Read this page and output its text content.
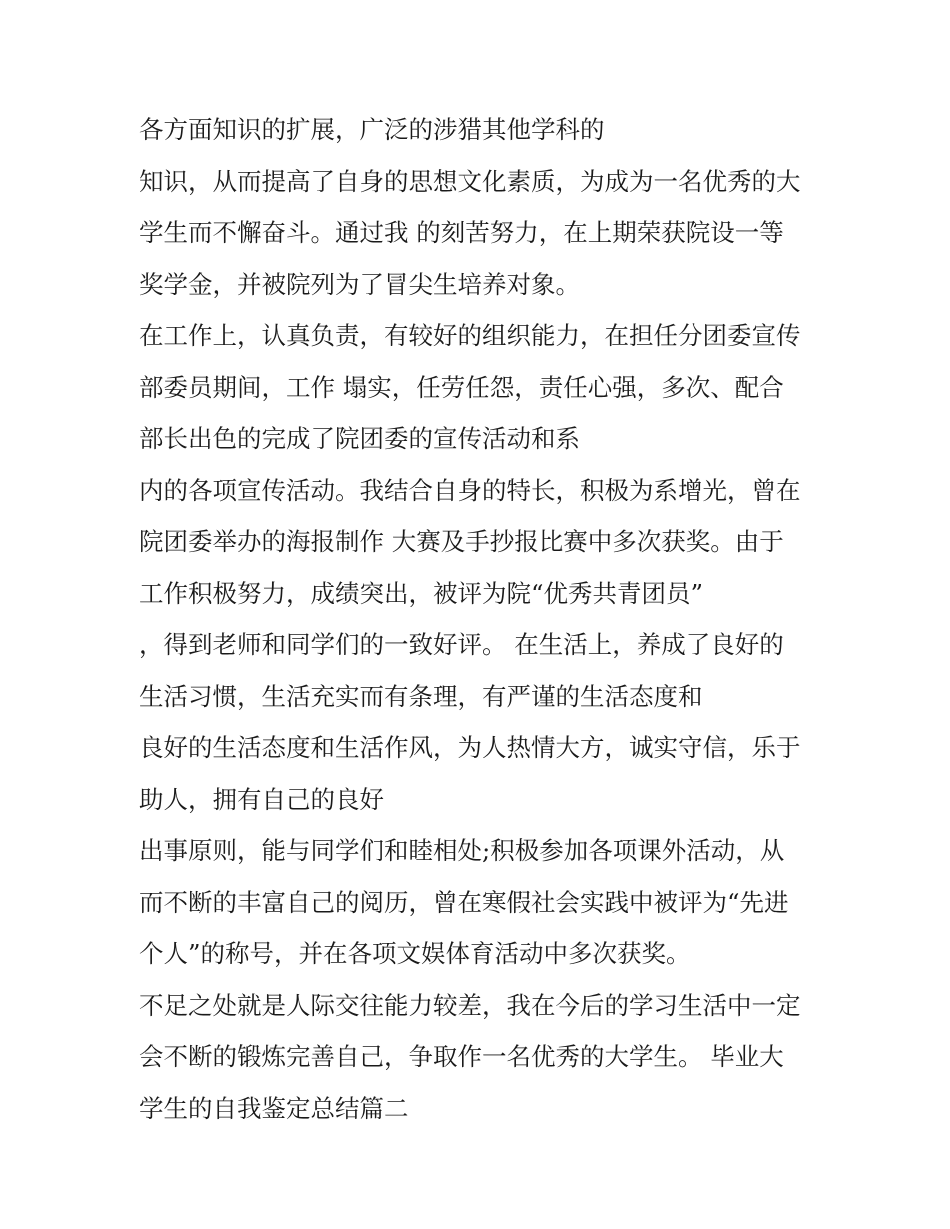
各方面知识的扩展，广泛的涉猎其他学科的
知识，从而提高了自身的思想文化素质，为成为一名优秀的大
学生而不懈奋斗。通过我 的刻苦努力，在上期荣获院设一等
奖学金，并被院列为了冒尖生培养对象。
在工作上，认真负责，有较好的组织能力，在担任分团委宣传
部委员期间，工作 塌实，任劳任怨，责任心强，多次、配合
部长出色的完成了院团委的宣传活动和系
内的各项宣传活动。我结合自身的特长，积极为系增光，曾在
院团委举办的海报制作 大赛及手抄报比赛中多次获奖。由于
工作积极努力，成绩突出，被评为院“优秀共青团员”
，得到老师和同学们的一致好评。 在生活上，养成了良好的
生活习惯，生活充实而有条理，有严谨的生活态度和
良好的生活态度和生活作风，为人热情大方，诚实守信，乐于
助人，拥有自己的良好
出事原则，能与同学们和睦相处;积极参加各项课外活动，从
而不断的丰富自己的阅历，曾在寒假社会实践中被评为“先进
个人”的称号，并在各项文娱体育活动中多次获奖。
不足之处就是人际交往能力较差，我在今后的学习生活中一定
会不断的锻炼完善自己，争取作一名优秀的大学生。 毕业大
学生的自我鉴定总结篇二
